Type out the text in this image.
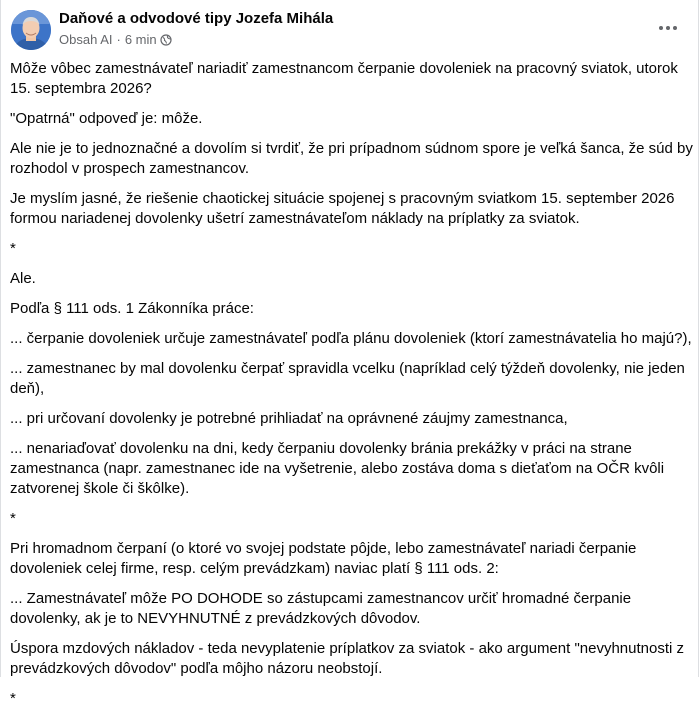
Daňové a odvodové tipy Jozefa Mihála
Obsah AI · 6 min

Môže vôbec zamestnávateľ nariadiť zamestnancom čerpanie dovoleniek na pracovný sviatok, utorok 15. septembra 2026?

"Opatrná" odpoveď je: môže.

Ale nie je to jednoznačné a dovolím si tvrdiť, že pri prípadnom súdnom spore je veľká šanca, že súd by rozhodol v prospech zamestnancov.

Je myslím jasné, že riešenie chaotickej situácie spojenej s pracovným sviatkom 15. september 2026 formou nariadenej dovolenky ušetrí zamestnávateľom náklady na príplatky za sviatok.

*

Ale.

Podľa § 111 ods. 1 Zákonníka práce:

... čerpanie dovoleniek určuje zamestnávateľ podľa plánu dovoleniek (ktorí zamestnávatelia ho majú?),

... zamestnanec by mal dovolenku čerpať spravidla vcelku (napríklad celý týždeň dovolenky, nie jeden deň),

... pri určovaní dovolenky je potrebné prihliadať na oprávnené záujmy zamestnanca,

... nenariaďovať dovolenku na dni, kedy čerpaniu dovolenky bránia prekážky v práci na strane zamestnanca (napr. zamestnanec ide na vyšetrenie, alebo zostáva doma s dieťaťom na OČR kvôli zatvorenej škole či škôlke).

*

Pri hromadnom čerpaní (o ktoré vo svojej podstate pôjde, lebo zamestnávateľ nariadi čerpanie dovoleniek celej firme, resp. celým prevádzkam) naviac platí § 111 ods. 2:

... Zamestnávateľ môže PO DOHODE so zástupcami zamestnancov určiť hromadné čerpanie dovolenky, ak je to NEVYHNUTNÉ z prevádzkových dôvodov.

Úspora mzdových nákladov - teda nevyplatenie príplatkov za sviatok - ako argument "nevyhnutnosti z prevádzkových dôvodov" podľa môjho názoru neobstojí.

*
